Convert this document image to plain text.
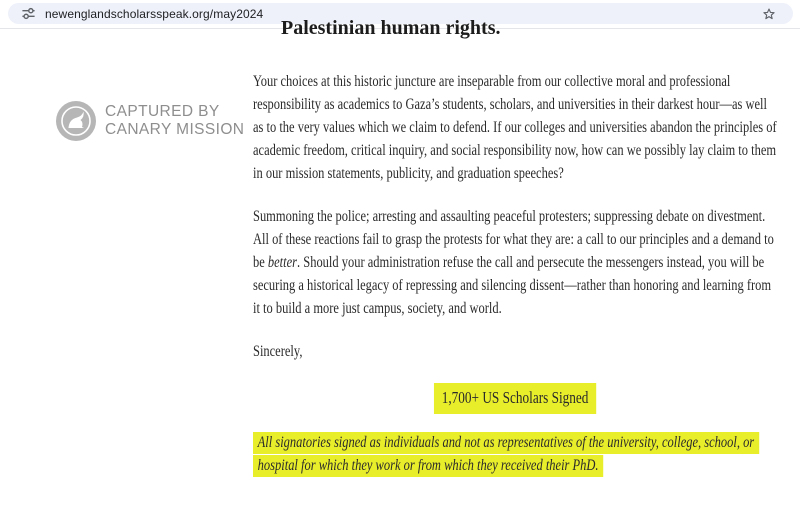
newenglandscholarsspeak.org/may2024
Palestinian human rights.
CAPTURED BY
CANARY MISSION

Your choices at this historic juncture are inseparable from our collective moral and professional responsibility as academics to Gaza’s students, scholars, and universities in their darkest hour—as well as to the very values which we claim to defend. If our colleges and universities abandon the principles of academic freedom, critical inquiry, and social responsibility now, how can we possibly lay claim to them in our mission statements, publicity, and graduation speeches?

Summoning the police; arresting and assaulting peaceful protesters; suppressing debate on divestment. All of these reactions fail to grasp the protests for what they are: a call to our principles and a demand to be better. Should your administration refuse the call and persecute the messengers instead, you will be securing a historical legacy of repressing and silencing dissent—rather than honoring and learning from it to build a more just campus, society, and world.

Sincerely,

1,700+ US Scholars Signed

All signatories signed as individuals and not as representatives of the university, college, school, or hospital for which they work or from which they received their PhD.
